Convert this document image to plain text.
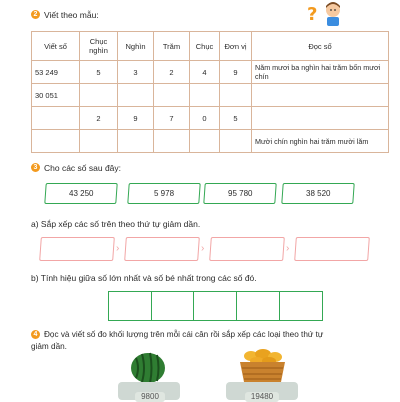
?
2 Viết theo mẫu:
Viết số	Chục nghìn	Nghìn	Trăm	Chục	Đơn vị	Đọc số
53 249	5	3	2	4	9	Năm mươi ba nghìn hai trăm bốn mươi chín
30 051						
	2	9	7	0	5	
						Mười chín nghìn hai trăm mười lăm
3 Cho các số sau đây:
43 250	5 978	95 780	38 520
a) Sắp xếp các số trên theo thứ tự giảm dần.
›	›	›
b) Tính hiệu giữa số lớn nhất và số bé nhất trong các số đó.
4 Đọc và viết số đo khối lượng trên mỗi cái cân rồi sắp xếp các loại theo thứ tự
giảm dần.
9800	19480
